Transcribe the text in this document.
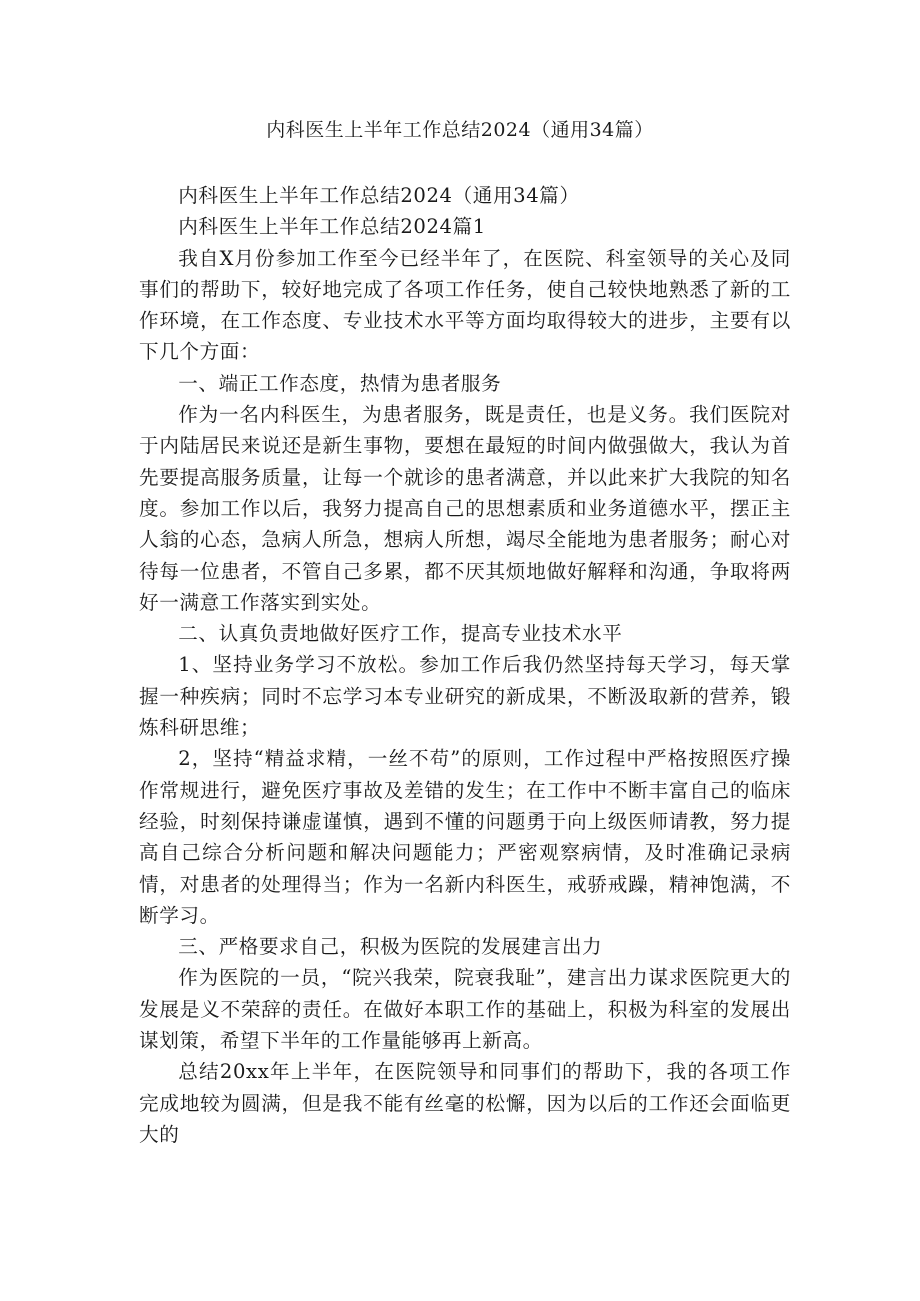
内科医生上半年工作总结2024（通用34篇）

内科医生上半年工作总结2024（通用34篇）

内科医生上半年工作总结2024篇1

我自X月份参加工作至今已经半年了，在医院、科室领导的关心及同事们的帮助下，较好地完成了各项工作任务，使自己较快地熟悉了新的工作环境，在工作态度、专业技术水平等方面均取得较大的进步，主要有以下几个方面：

一、端正工作态度，热情为患者服务

作为一名内科医生，为患者服务，既是责任，也是义务。我们医院对于内陆居民来说还是新生事物，要想在最短的时间内做强做大，我认为首先要提高服务质量，让每一个就诊的患者满意，并以此来扩大我院的知名度。参加工作以后，我努力提高自己的思想素质和业务道德水平，摆正主人翁的心态，急病人所急，想病人所想，竭尽全能地为患者服务；耐心对待每一位患者，不管自己多累，都不厌其烦地做好解释和沟通，争取将两好一满意工作落实到实处。

二、认真负责地做好医疗工作，提高专业技术水平

1、坚持业务学习不放松。参加工作后我仍然坚持每天学习，每天掌握一种疾病；同时不忘学习本专业研究的新成果，不断汲取新的营养，锻炼科研思维；

2，坚持“精益求精，一丝不苟”的原则，工作过程中严格按照医疗操作常规进行，避免医疗事故及差错的发生；在工作中不断丰富自己的临床经验，时刻保持谦虚谨慎，遇到不懂的问题勇于向上级医师请教，努力提高自己综合分析问题和解决问题能力；严密观察病情，及时准确记录病情，对患者的处理得当；作为一名新内科医生，戒骄戒躁，精神饱满，不断学习。

三、严格要求自己，积极为医院的发展建言出力

作为医院的一员，“院兴我荣，院衰我耻”，建言出力谋求医院更大的发展是义不荣辞的责任。在做好本职工作的基础上，积极为科室的发展出谋划策，希望下半年的工作量能够再上新高。

总结20xx年上半年，在医院领导和同事们的帮助下，我的各项工作完成地较为圆满，但是我不能有丝毫的松懈，因为以后的工作还会面临更大的
